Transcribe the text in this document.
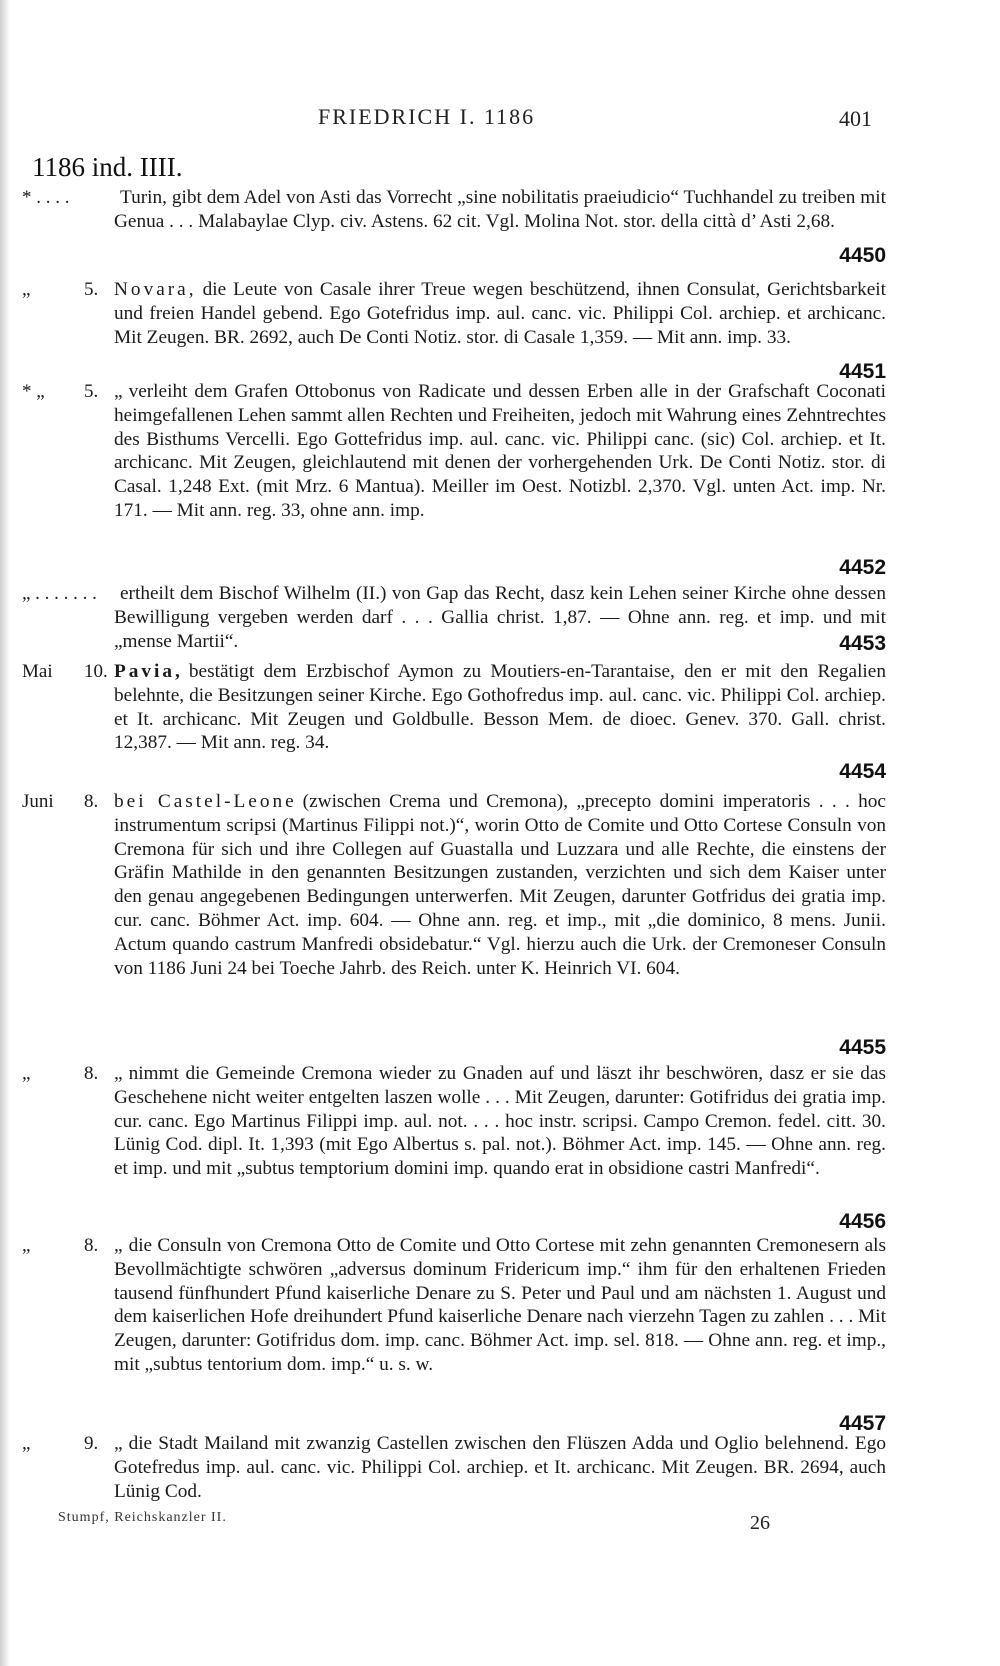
FRIEDRICH I. 1186	401
1186 ind. IIII.
* . . . .	Turin, gibt dem Adel von Asti das Vorrecht „sine nobilitatis praeiudicio“ Tuchhandel zu treiben mit Genua . . . Malabaylae Clyp. civ. Astens. 62 cit. Vgl. Molina Not. stor. della città d’ Asti 2,68.
4450
„	5. Novara, die Leute von Casale ihrer Treue wegen beschützend, ihnen Consulat, Gerichtsbarkeit und freien Handel gebend. Ego Gotefridus imp. aul. canc. vic. Philippi Col. archiep. et archicanc. Mit Zeugen. BR. 2692, auch De Conti Notiz. stor. di Casale 1,359. — Mit ann. imp. 33.
4451
* „ 5. „ verleiht dem Grafen Ottobonus von Radicate und dessen Erben alle in der Grafschaft Coconati heimgefallenen Lehen sammt allen Rechten und Freiheiten, jedoch mit Wahrung eines Zehntrechtes des Bisthums Vercelli. Ego Gottefridus imp. aul. canc. vic. Philippi canc. (sic) Col. archiep. et It. archicanc. Mit Zeugen, gleichlautend mit denen der vorhergehenden Urk. De Conti Notiz. stor. di Casal. 1,248 Ext. (mit Mrz. 6 Mantua). Meiller im Oest. Notizbl. 2,370. Vgl. unten Act. imp. Nr. 171. — Mit ann. reg. 33, ohne ann. imp.
4452
„ . . . . . . .	ertheilt dem Bischof Wilhelm (II.) von Gap das Recht, dasz kein Lehen seiner Kirche ohne dessen Bewilligung vergeben werden darf . . . Gallia christ. 1,87. — Ohne ann. reg. et imp. und mit „mense Martii“.	4453
Mai 10. Pavia, bestätigt dem Erzbischof Aymon zu Moutiers-en-Tarantaise, den er mit den Regalien belehnte, die Besitzungen seiner Kirche. Ego Gothofredus imp. aul. canc. vic. Philippi Col. archiep. et It. archicanc. Mit Zeugen und Goldbulle. Besson Mem. de dioec. Genev. 370. Gall. christ. 12,387. — Mit ann. reg. 34.
4454
Juni 8. bei Castel-Leone (zwischen Crema und Cremona), „precepto domini imperatoris . . . hoc instrumentum scripsi (Martinus Filippi not.)“, worin Otto de Comite und Otto Cortese Consuln von Cremona für sich und ihre Collegen auf Guastalla und Luzzara und alle Rechte, die einstens der Gräfin Mathilde in den genannten Besitzungen zustanden, verzichten und sich dem Kaiser unter den genau angegebenen Bedingungen unterwerfen. Mit Zeugen, darunter Gotfridus dei gratia imp. cur. canc. Böhmer Act. imp. 604. — Ohne ann. reg. et imp., mit „die dominico, 8 mens. Junii. Actum quando castrum Manfredi obsidebatur.“ Vgl. hierzu auch die Urk. der Cremoneser Consuln von 1186 Juni 24 bei Toeche Jahrb. des Reich. unter K. Heinrich VI. 604.
4455
„	8. „ nimmt die Gemeinde Cremona wieder zu Gnaden auf und läszt ihr beschwören, dasz er sie das Geschehene nicht weiter entgelten laszen wolle . . . Mit Zeugen, darunter: Gotifridus dei gratia imp. cur. canc. Ego Martinus Filippi imp. aul. not. . . . hoc instr. scripsi. Campo Cremon. fedel. citt. 30. Lünig Cod. dipl. It. 1,393 (mit Ego Albertus s. pal. not.). Böhmer Act. imp. 145. — Ohne ann. reg. et imp. und mit „subtus temptorium domini imp. quando erat in obsidione castri Manfredi“.
4456
„	8. „ die Consuln von Cremona Otto de Comite und Otto Cortese mit zehn genannten Cremonesern als Bevollmächtigte schwören „adversus dominum Fridericum imp.“ ihm für den erhaltenen Frieden tausend fünfhundert Pfund kaiserliche Denare zu S. Peter und Paul und am nächsten 1. August und dem kaiserlichen Hofe dreihundert Pfund kaiserliche Denare nach vierzehn Tagen zu zahlen . . . Mit Zeugen, darunter: Gotifridus dom. imp. canc. Böhmer Act. imp. sel. 818. — Ohne ann. reg. et imp., mit „subtus tentorium dom. imp.“ u. s. w.
4457
„	9. „ die Stadt Mailand mit zwanzig Castellen zwischen den Flüszen Adda und Oglio belehnend. Ego Gotefredus imp. aul. canc. vic. Philippi Col. archiep. et It. archicanc. Mit Zeugen. BR. 2694, auch Lünig Cod.
Stumpf, Reichskanzler II.	26
